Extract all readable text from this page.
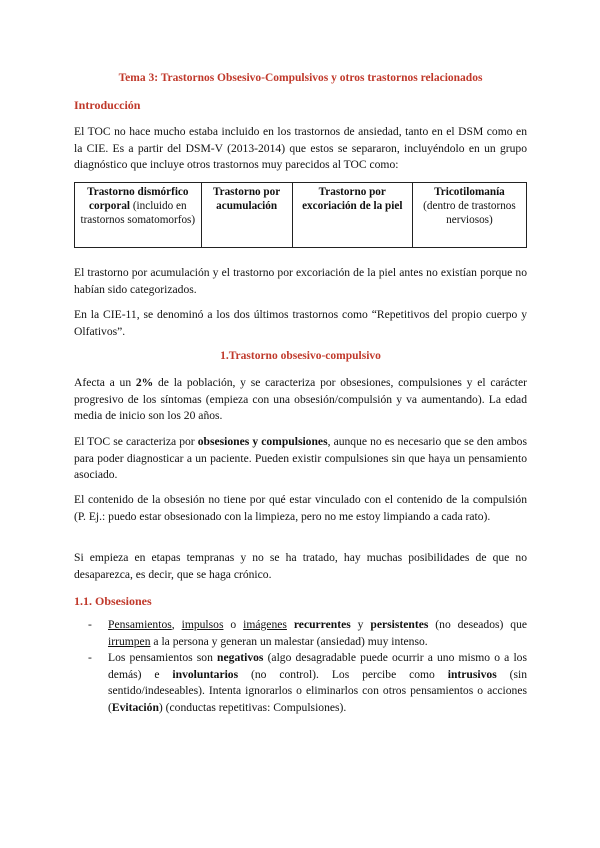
Tema 3: Trastornos Obsesivo-Compulsivos y otros trastornos relacionados
Introducción
El TOC no hace mucho estaba incluido en los trastornos de ansiedad, tanto en el DSM como en la CIE. Es a partir del DSM-V (2013-2014) que estos se separaron, incluyéndolo en un grupo diagnóstico que incluye otros trastornos muy parecidos al TOC como:
Trastorno dismórfico corporal (incluido en trastornos somatomorfos)	Trastorno por acumulación	Trastorno por excoriación de la piel	Tricotilomanía (dentro de trastornos nerviosos)
El trastorno por acumulación y el trastorno por excoriación de la piel antes no existían porque no habían sido categorizados.
En la CIE-11, se denominó a los dos últimos trastornos como “Repetitivos del propio cuerpo y Olfativos”.
1.Trastorno obsesivo-compulsivo
Afecta a un 2% de la población, y se caracteriza por obsesiones, compulsiones y el carácter progresivo de los síntomas (empieza con una obsesión/compulsión y va aumentando). La edad media de inicio son los 20 años.
El TOC se caracteriza por obsesiones y compulsiones, aunque no es necesario que se den ambos para poder diagnosticar a un paciente. Pueden existir compulsiones sin que haya un pensamiento asociado.
El contenido de la obsesión no tiene por qué estar vinculado con el contenido de la compulsión (P. Ej.: puedo estar obsesionado con la limpieza, pero no me estoy limpiando a cada rato).
Si empieza en etapas tempranas y no se ha tratado, hay muchas posibilidades de que no desaparezca, es decir, que se haga crónico.
1.1. Obsesiones
- Pensamientos, impulsos o imágenes recurrentes y persistentes (no deseados) que irrumpen a la persona y generan un malestar (ansiedad) muy intenso.
- Los pensamientos son negativos (algo desagradable puede ocurrir a uno mismo o a los demás) e involuntarios (no control). Los percibe como intrusivos (sin sentido/indeseables). Intenta ignorarlos o eliminarlos con otros pensamientos o acciones (Evitación) (conductas repetitivas: Compulsiones).
